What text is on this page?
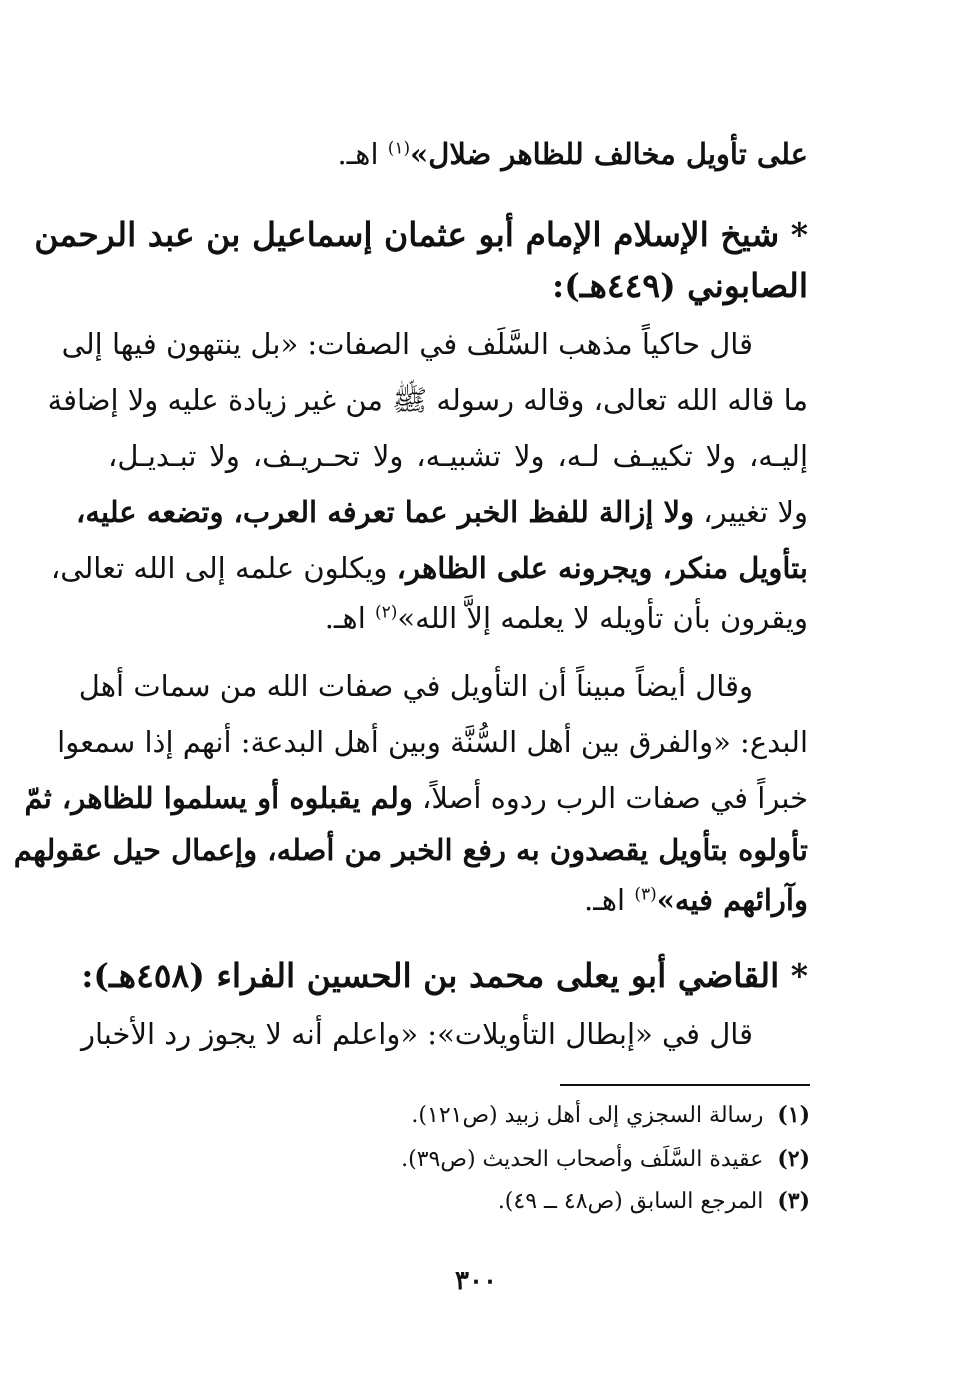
على تأويل مخالف للظاهر ضلال»$^{(١)}$ اهـ.
* شيخ الإسلام الإمام أبو عثمان إسماعيل بن عبد الرحمن
الصابوني (٤٤٩هـ):
قال حاكياً مذهب السَّلَف في الصفات: «بل ينتهون فيها إلى
ما قاله الله تعالى، وقاله رسوله ﷺ من غير زيادة عليه ولا إضافة
إليـه، ولا تكييـف لـه، ولا تشبيـه، ولا تحـريـف، ولا تبـديـل،
ولا تغيير، ولا إزالة للفظ الخبر عما تعرفه العرب، وتضعه عليه،
بتأويل منكر، ويجرونه على الظاهر، ويكلون علمه إلى الله تعالى،
ويقرون بأن تأويله لا يعلمه إلاَّ الله»$^{(٢)}$ اهـ.
وقال أيضاً مبيناً أن التأويل في صفات الله من سمات أهل
البدع: «والفرق بين أهل السُّنَّة وبين أهل البدعة: أنهم إذا سمعوا
خبراً في صفات الرب ردوه أصلاً، ولم يقبلوه أو يسلموا للظاهر، ثمّ
تأولوه بتأويل يقصدون به رفع الخبر من أصله، وإعمال حيل عقولهم
وآرائهم فيه»$^{(٣)}$ اهـ.
* القاضي أبو يعلى محمد بن الحسين الفراء (٤٥٨هـ):
قال في «إبطال التأويلات»: «واعلم أنه لا يجوز رد الأخبار
(١)رسالة السجزي إلى أهل زبيد (ص١٢١).
(٢)عقيدة السَّلَف وأصحاب الحديث (ص٣٩).
(٣)المرجع السابق (ص٤٨ ــ ٤٩).
٣٠٠
